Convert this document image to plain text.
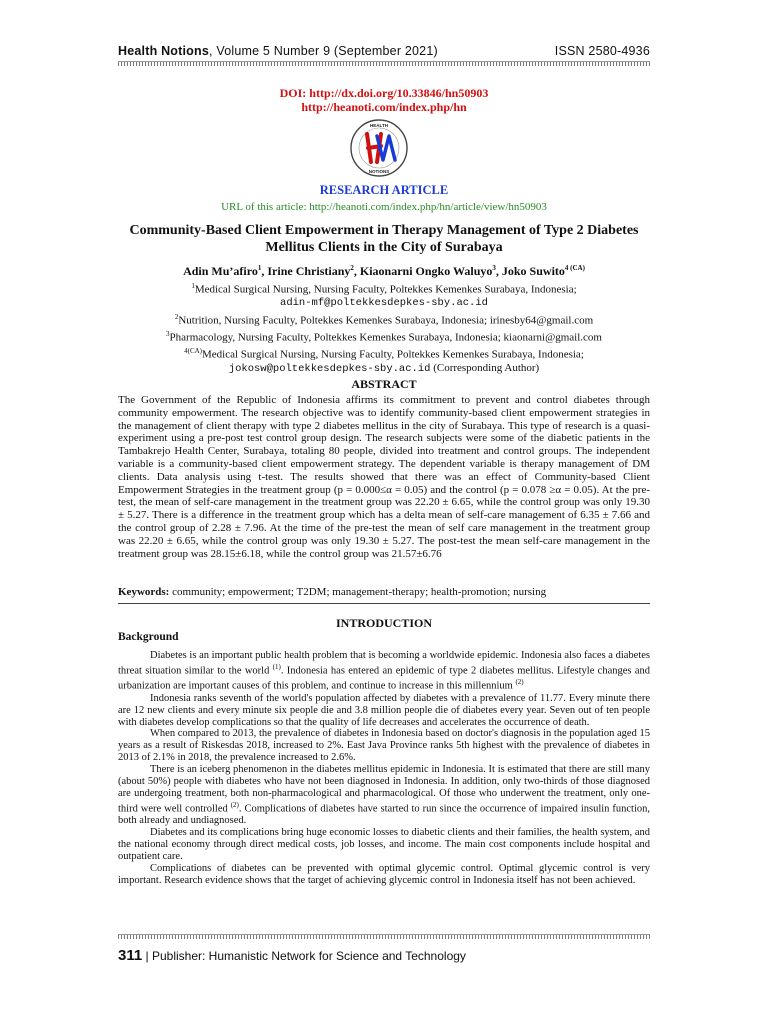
Health Notions, Volume 5 Number 9 (September 2021)	ISSN 2580-4936
DOI: http://dx.doi.org/10.33846/hn50903
http://heanoti.com/index.php/hn
HEALTH
NOTIONS
RESEARCH ARTICLE
URL of this article: http://heanoti.com/index.php/hn/article/view/hn50903
Community-Based Client Empowerment in Therapy Management of Type 2 Diabetes
Mellitus Clients in the City of Surabaya
Adin Mu’afiro$^1$, Irine Christiany$^2$, Kiaonarni Ongko Waluyo$^3$, Joko Suwito$^{4 (CA)}$
$^1$Medical Surgical Nursing, Nursing Faculty, Poltekkes Kemenkes Surabaya, Indonesia;
adin-mf@poltekkesdepkes-sby.ac.id
$^2$Nutrition, Nursing Faculty, Poltekkes Kemenkes Surabaya, Indonesia; irinesby64@gmail.com
$^3$Pharmacology, Nursing Faculty, Poltekkes Kemenkes Surabaya, Indonesia; kiaonarni@gmail.com
$^{4(CA)}$Medical Surgical Nursing, Nursing Faculty, Poltekkes Kemenkes Surabaya, Indonesia;
jokosw@poltekkesdepkes-sby.ac.id (Corresponding Author)
ABSTRACT
The Government of the Republic of Indonesia affirms its commitment to prevent and control diabetes through community empowerment. The research objective was to identify community-based client empowerment strategies in the management of client therapy with type 2 diabetes mellitus in the city of Surabaya. This type of research is a quasi-experiment using a pre-post test control group design. The research subjects were some of the diabetic patients in the Tambakrejo Health Center, Surabaya, totaling 80 people, divided into treatment and control groups. The independent variable is a community-based client empowerment strategy. The dependent variable is therapy management of DM clients. Data analysis using t-test. The results showed that there was an effect of Community-based Client Empowerment Strategies in the treatment group (p = 0.000≤α = 0.05) and the control (p = 0.078 ≥α = 0.05). At the pre-test, the mean of self-care management in the treatment group was 22.20 ± 6.65, while the control group was only 19.30 ± 5.27. There is a difference in the treatment group which has a delta mean of self-care management of 6.35 ± 7.66 and the control group of 2.28 ± 7.96. At the time of the pre-test the mean of self care management in the treatment group was 22.20 ± 6.65, while the control group was only 19.30 ± 5.27. The post-test the mean self-care management in the treatment group was 28.15±6.18, while the control group was 21.57±6.76
Keywords: community; empowerment; T2DM; management-therapy; health-promotion; nursing
INTRODUCTION
Background

Diabetes is an important public health problem that is becoming a worldwide epidemic. Indonesia also faces a diabetes threat situation similar to the world $^{(1)}$. Indonesia has entered an epidemic of type 2 diabetes mellitus. Lifestyle changes and urbanization are important causes of this problem, and continue to increase in this millennium $^{(2)}$

Indonesia ranks seventh of the world's population affected by diabetes with a prevalence of 11.77. Every minute there are 12 new clients and every minute six people die and 3.8 million people die of diabetes every year. Seven out of ten people with diabetes develop complications so that the quality of life decreases and accelerates the occurrence of death.

When compared to 2013, the prevalence of diabetes in Indonesia based on doctor's diagnosis in the population aged 15 years as a result of Riskesdas 2018, increased to 2%. East Java Province ranks 5th highest with the prevalence of diabetes in 2013 of 2.1% in 2018, the prevalence increased to 2.6%.

There is an iceberg phenomenon in the diabetes mellitus epidemic in Indonesia. It is estimated that there are still many (about 50%) people with diabetes who have not been diagnosed in Indonesia. In addition, only two-thirds of those diagnosed are undergoing treatment, both non-pharmacological and pharmacological. Of those who underwent the treatment, only one-third were well controlled $^{(2)}$. Complications of diabetes have started to run since the occurrence of impaired insulin function, both already and undiagnosed.

Diabetes and its complications bring huge economic losses to diabetic clients and their families, the health system, and the national economy through direct medical costs, job losses, and income. The main cost components include hospital and outpatient care.

Complications of diabetes can be prevented with optimal glycemic control. Optimal glycemic control is very important. Research evidence shows that the target of achieving glycemic control in Indonesia itself has not been achieved.

311 | Publisher: Humanistic Network for Science and Technology
